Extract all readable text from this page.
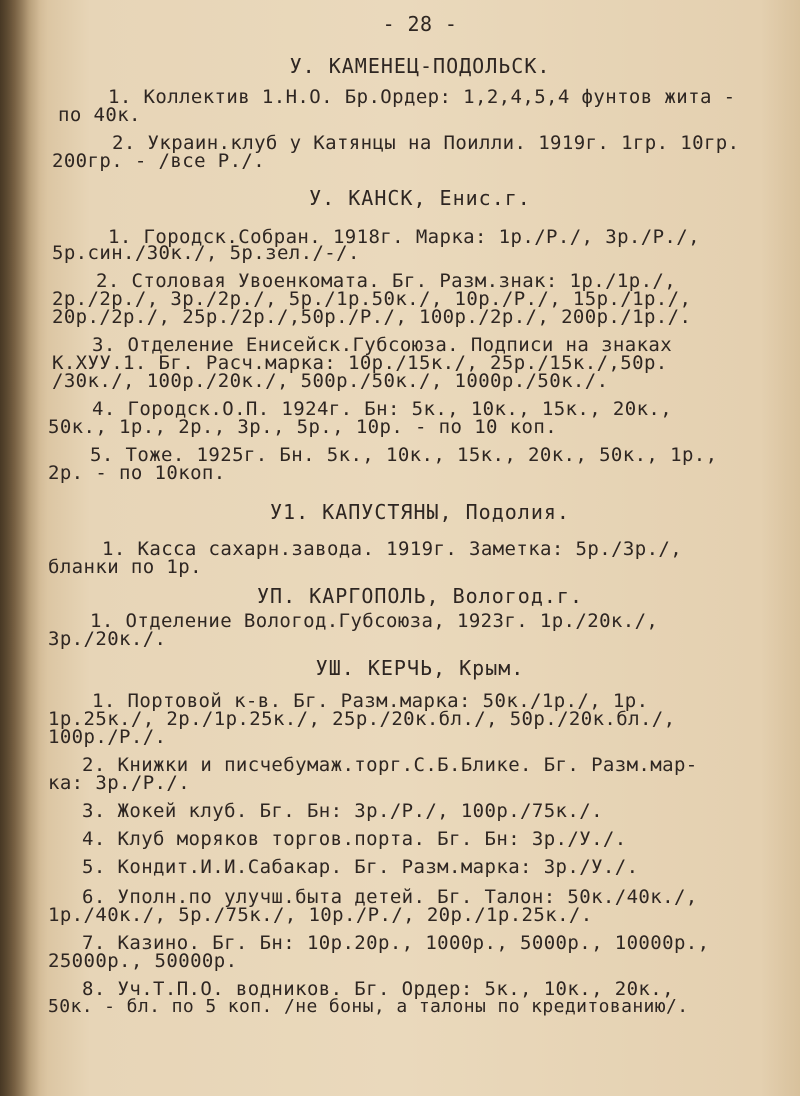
- 28 -
У. КАМЕНЕЦ-ПОДОЛЬСК.
1. Коллектив 1.Н.О. Бр.Ордер: 1,2,4,5,4 фунтов жита -
по 40к.
2. Украин.клуб у Катянцы на Поилли. 1919г. 1гр. 10гр.
200гр. - /все Р./.
У. КАНСК, Енис.г.
1. Городск.Собран. 1918г. Марка: 1р./Р./, 3р./Р./,
5р.син./30к./, 5р.зел./-/.
2. Столовая Увоенкомата. Бг. Разм.знак: 1р./1р./,
2р./2р./, 3р./2р./, 5р./1р.50к./, 10р./Р./, 15р./1р./,
20р./2р./, 25р./2р./,50р./Р./, 100р./2р./, 200р./1р./.
3. Отделение Енисейск.Губсоюза. Подписи на знаках
К.ХУУ.1. Бг. Расч.марка: 10р./15к./, 25р./15к./,50р.
/30к./, 100р./20к./, 500р./50к./, 1000р./50к./.
4. Городск.О.П. 1924г. Бн: 5к., 10к., 15к., 20к.,
50к., 1р., 2р., 3р., 5р., 10р. - по 10 коп.
5. Тоже. 1925г. Бн. 5к., 10к., 15к., 20к., 50к., 1р.,
2р. - по 10коп.
У1. КАПУСТЯНЫ, Подолия.
1. Касса сахарн.завода. 1919г. Заметка: 5р./3р./,
бланки по 1р.
УП. КАРГОПОЛЬ, Вологод.г.
1. Отделение Вологод.Губсоюза, 1923г. 1р./20к./,
3р./20к./.
УШ. КЕРЧЬ, Крым.
1. Портовой к-в. Бг. Разм.марка: 50к./1р./, 1р.
1р.25к./, 2р./1р.25к./, 25р./20к.бл./, 50р./20к.бл./,
100р./Р./.
2. Книжки и писчебумаж.торг.С.Б.Блике. Бг. Разм.мар-
ка: 3р./Р./.
3. Жокей клуб. Бг. Бн: 3р./Р./, 100р./75к./.
4. Клуб моряков торгов.порта. Бг. Бн: 3р./У./.
5. Кондит.И.И.Сабакар. Бг. Разм.марка: 3р./У./.
6. Уполн.по улучш.быта детей. Бг. Талон: 50к./40к./,
1р./40к./, 5р./75к./, 10р./Р./, 20р./1р.25к./.
7. Казино. Бг. Бн: 10р.20р., 1000р., 5000р., 10000р.,
25000р., 50000р.
8. Уч.Т.П.О. водников. Бг. Ордер: 5к., 10к., 20к.,
50к. - бл. по 5 коп. /не боны, а талоны по кредитованию/.
